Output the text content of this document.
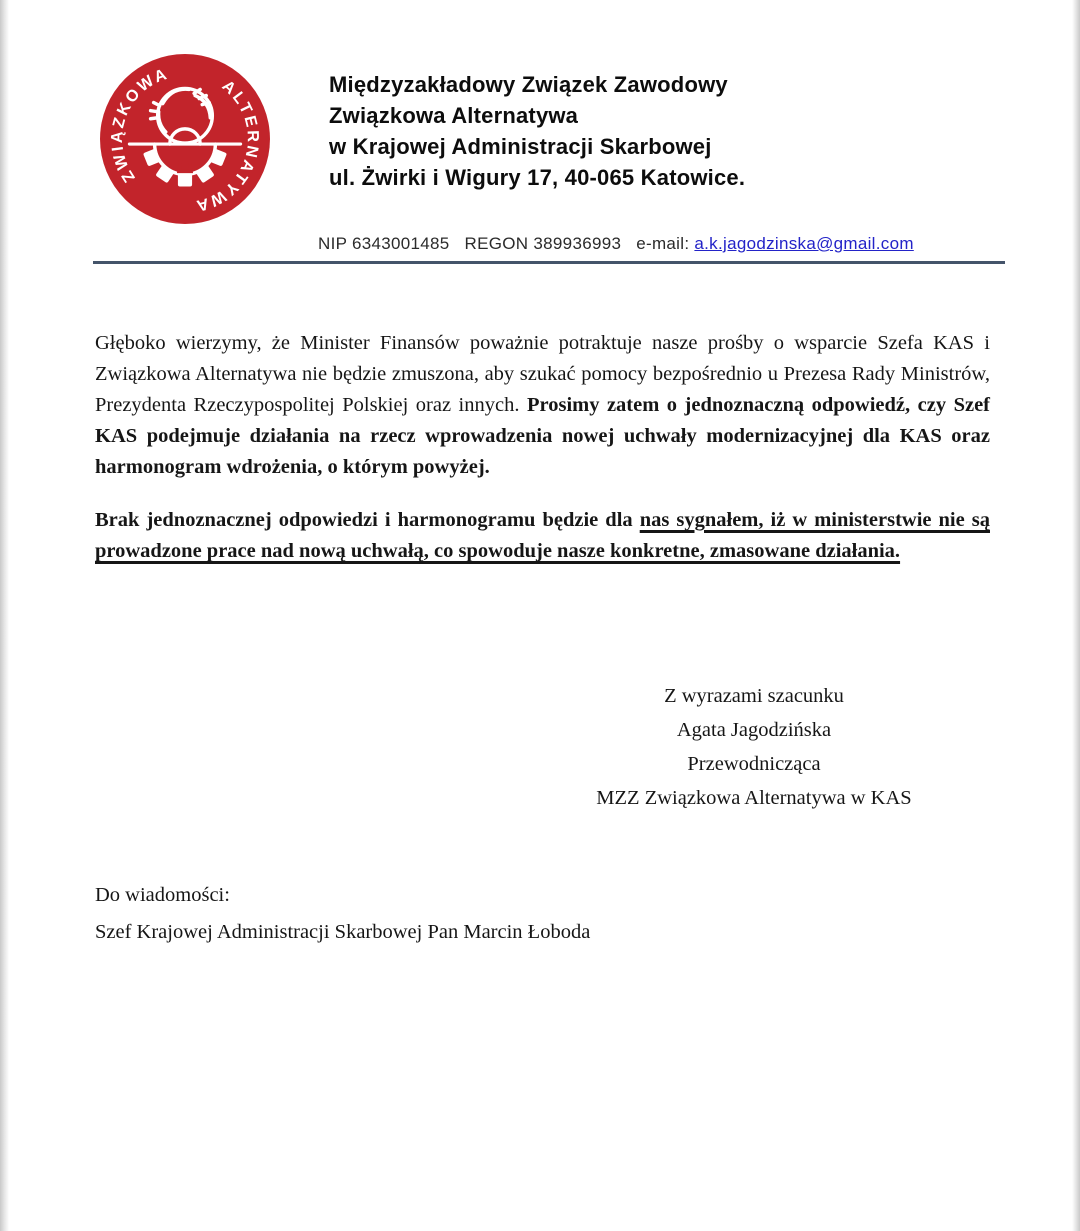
ZWIĄZKOWA
ALTERNATYWA
Międzyzakładowy Związek Zawodowy
Związkowa Alternatywa
w Krajowej Administracji Skarbowej
ul. Żwirki i Wigury 17, 40-065 Katowice.
NIP 6343001485 REGON 389936993 e-mail: a.k.jagodzinska@gmail.com

Głęboko wierzymy, że Minister Finansów poważnie potraktuje nasze prośby o wsparcie Szefa KAS i Związkowa Alternatywa nie będzie zmuszona, aby szukać pomocy bezpośrednio u Prezesa Rady Ministrów, Prezydenta Rzeczypospolitej Polskiej oraz innych. Prosimy zatem o jednoznaczną odpowiedź, czy Szef KAS podejmuje działania na rzecz wprowadzenia nowej uchwały modernizacyjnej dla KAS oraz harmonogram wdrożenia, o którym powyżej.

Brak jednoznacznej odpowiedzi i harmonogramu będzie dla nas sygnałem, iż w ministerstwie nie są prowadzone prace nad nową uchwałą, co spowoduje nasze konkretne, zmasowane działania.

Z wyrazami szacunku
Agata Jagodzińska
Przewodnicząca
MZZ Związkowa Alternatywa w KAS
Do wiadomości:
Szef Krajowej Administracji Skarbowej Pan Marcin Łoboda
